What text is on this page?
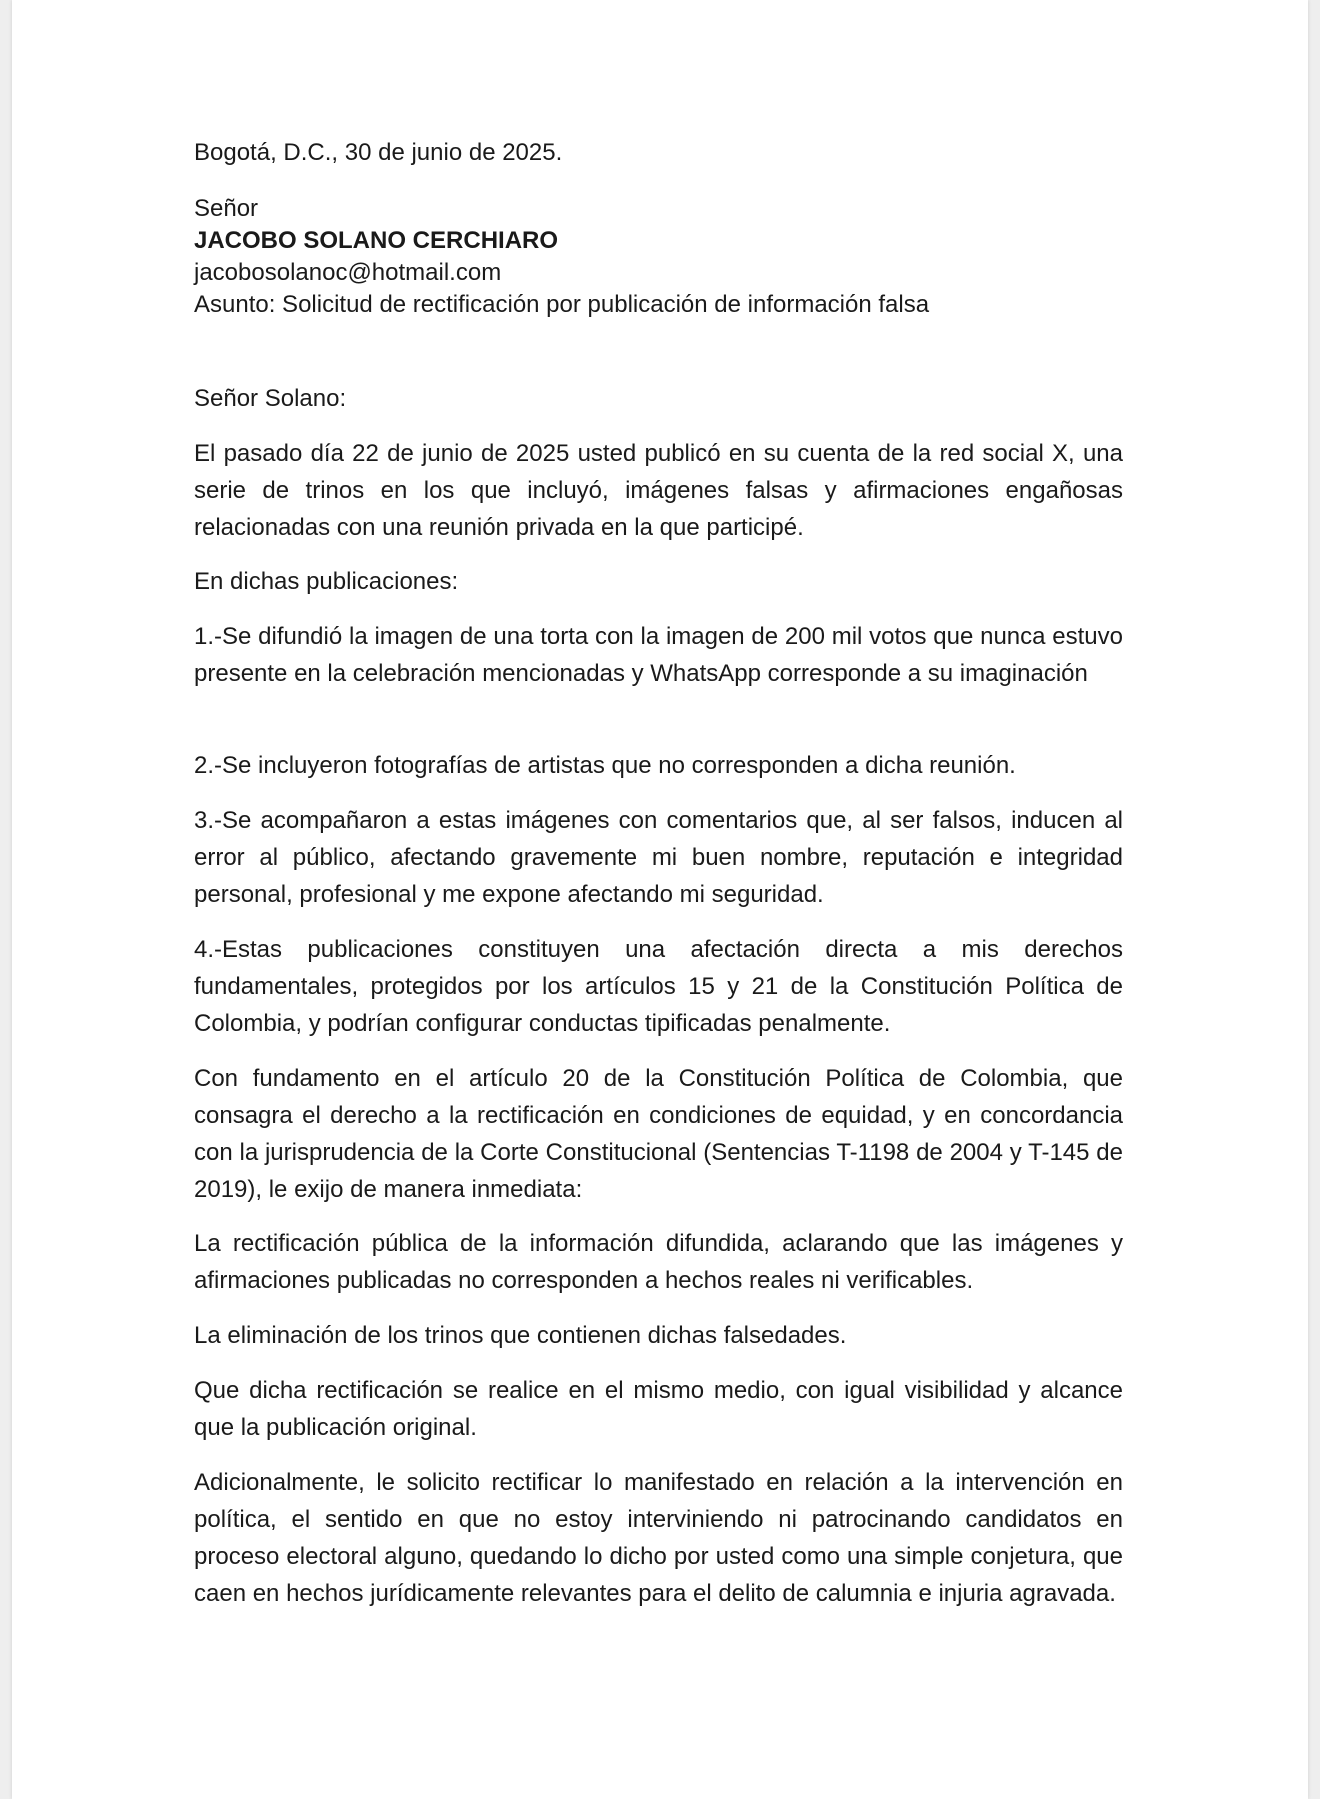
Bogotá, D.C., 30 de junio de 2025.
Señor
JACOBO SOLANO CERCHIARO
jacobosolanoc@hotmail.com
Asunto: Solicitud de rectificación por publicación de información falsa
Señor Solano:

El pasado día 22 de junio de 2025 usted publicó en su cuenta de la red social X, una serie de trinos en los que incluyó, imágenes falsas y afirmaciones engañosas relacionadas con una reunión privada en la que participé.

En dichas publicaciones:

1.-Se difundió la imagen de una torta con la imagen de 200 mil votos que nunca estuvo presente en la celebración mencionadas y WhatsApp corresponde a su imaginación

2.-Se incluyeron fotografías de artistas que no corresponden a dicha reunión.

3.-Se acompañaron a estas imágenes con comentarios que, al ser falsos, inducen al error al público, afectando gravemente mi buen nombre, reputación e integridad personal, profesional y me expone afectando mi seguridad.

4.-Estas publicaciones constituyen una afectación directa a mis derechos fundamentales, protegidos por los artículos 15 y 21 de la Constitución Política de Colombia, y podrían configurar conductas tipificadas penalmente.

Con fundamento en el artículo 20 de la Constitución Política de Colombia, que consagra el derecho a la rectificación en condiciones de equidad, y en concordancia con la jurisprudencia de la Corte Constitucional (Sentencias T-1198 de 2004 y T-145 de 2019), le exijo de manera inmediata:

La rectificación pública de la información difundida, aclarando que las imágenes y afirmaciones publicadas no corresponden a hechos reales ni verificables.

La eliminación de los trinos que contienen dichas falsedades.

Que dicha rectificación se realice en el mismo medio, con igual visibilidad y alcance que la publicación original.

Adicionalmente, le solicito rectificar lo manifestado en relación a la intervención en política, el sentido en que no estoy interviniendo ni patrocinando candidatos en proceso electoral alguno, quedando lo dicho por usted como una simple conjetura, que caen en hechos jurídicamente relevantes para el delito de calumnia e injuria agravada.
